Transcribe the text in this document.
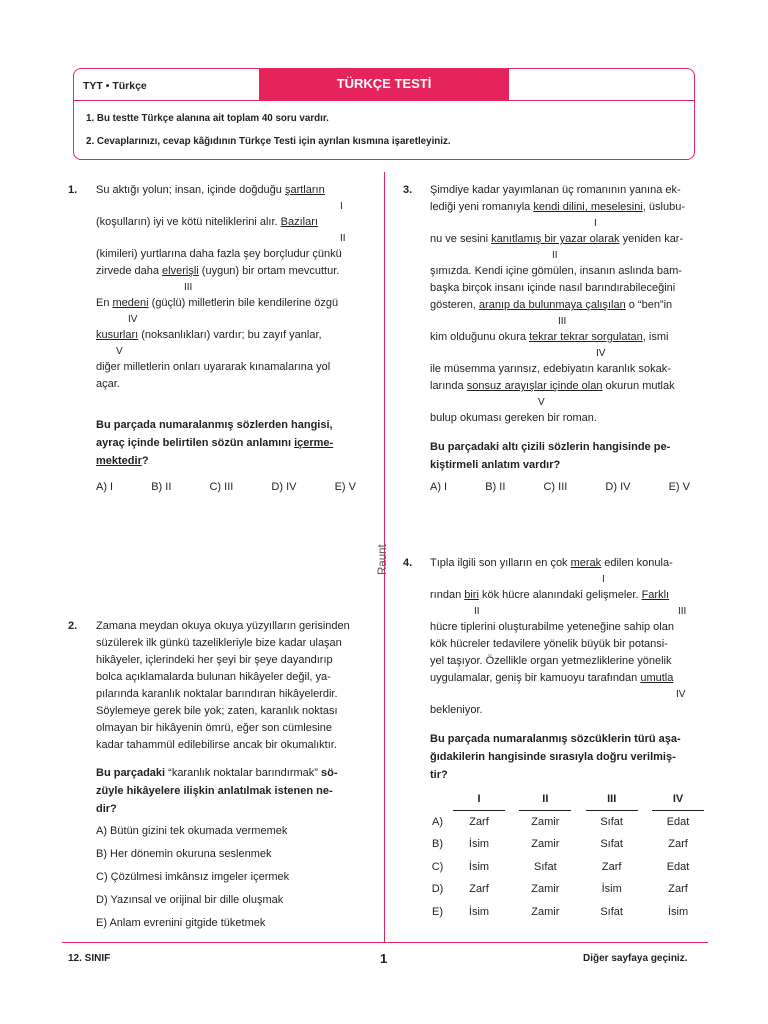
TYT • Türkçe	TÜRKÇE TESTİ
1. Bu testte Türkçe alanına ait toplam 40 soru vardır.
2. Cevaplarınızı, cevap kâğıdının Türkçe Testi için ayrılan kısmına işaretleyiniz.
Raunt
1. Su aktığı yolun; insan, içinde doğduğu şartların
I
(koşulların) iyi ve kötü niteliklerini alır. Bazıları
II
(kimileri) yurtlarına daha fazla şey borçludur çünkü
zirvede daha elverişli (uygun) bir ortam mevcuttur.
III
En medeni (güçlü) milletlerin bile kendilerine özgü
IV
kusurları (noksanlıkları) vardır; bu zayıf yanlar,
V
diğer milletlerin onları uyararak kınamalarına yol
açar.
Bu parçada numaralanmış sözlerden hangisi,
ayraç içinde belirtilen sözün anlamını içerme-
mektedir?
A) I	B) II	C) III	D) IV	E) V
2. Zamana meydan okuya okuya yüzyılların gerisinden
süzülerek ilk günkü tazelikleriyle bize kadar ulaşan
hikâyeler, içlerindeki her şeyi bir şeye dayandırıp
bolca açıklamalarda bulunan hikâyeler değil, ya-
pılarında karanlık noktalar barındıran hikâyelerdir.
Söylemeye gerek bile yok; zaten, karanlık noktası
olmayan bir hikâyenin ömrü, eğer son cümlesine
kadar tahammül edilebilirse ancak bir okumalıktır.
Bu parçadaki “karanlık noktalar barındırmak” sö-
züyle hikâyelere ilişkin anlatılmak istenen ne-
dir?
A) Bütün gizini tek okumada vermemek
B) Her dönemin okuruna seslenmek
C) Çözülmesi imkânsız imgeler içermek
D) Yazınsal ve orijinal bir dille oluşmak
E) Anlam evrenini gitgide tüketmek
3. Şimdiye kadar yayımlanan üç romanının yanına ek-
lediği yeni romanıyla kendi dilini, meselesini, üslubu-
I
nu ve sesini kanıtlamış bir yazar olarak yeniden kar-
II
şımızda. Kendi içine gömülen, insanın aslında bam-
başka birçok insanı içinde nasıl barındırabileceğini
gösteren, aranıp da bulunmaya çalışılan o “ben”in
III
kim olduğunu okura tekrar tekrar sorgulatan, ismi
IV
ile müsemma yarınsız, edebiyatın karanlık sokak-
larında sonsuz arayışlar içinde olan okurun mutlak
V
bulup okuması gereken bir roman.
Bu parçadaki altı çizili sözlerin hangisinde pe-
kiştirmeli anlatım vardır?
A) I	B) II	C) III	D) IV	E) V
4. Tıpla ilgili son yılların en çok merak edilen konula-
I
rından biri kök hücre alanındaki gelişmeler. Farklı
II	III
hücre tiplerini oluşturabilme yeteneğine sahip olan
kök hücreler tedavilere yönelik büyük bir potansi-
yel taşıyor. Özellikle organ yetmezliklerine yönelik
uygulamalar, geniş bir kamuoyu tarafından umutla
IV
bekleniyor.
Bu parçada numaralanmış sözcüklerin türü aşa-
ğıdakilerin hangisinde sırasıyla doğru verilmiş-
tir?
	I		II		III		IV
A)	Zarf		Zamir		Sıfat		Edat
B)	İsim		Zamir		Sıfat		Zarf
C)	İsim		Sıfat		Zarf		Edat
D)	Zarf		Zamir		İsim		Zarf
E)	İsim		Zamir		Sıfat		İsim
12. SINIF	1	Diğer sayfaya geçiniz.
